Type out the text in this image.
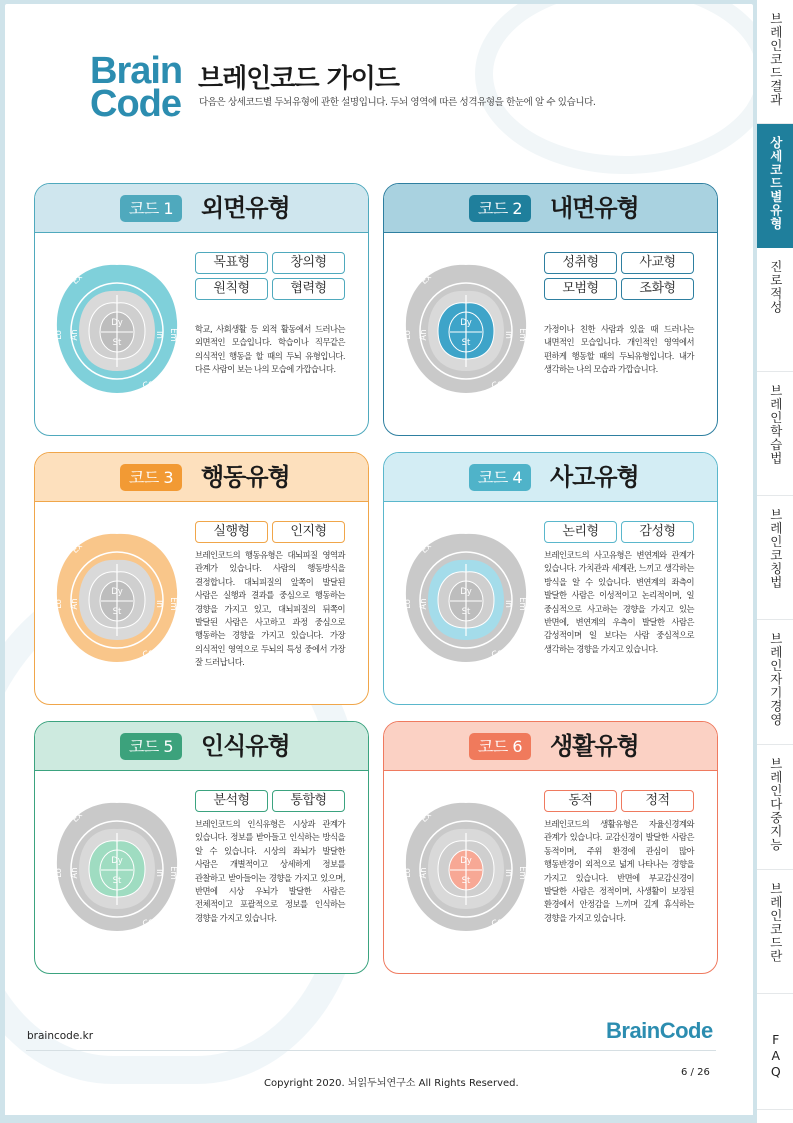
Brain
Code
브레인코드 가이드
다음은 상세코드별 두뇌유형에 관한 설명입니다. 두뇌 영역에 따른 성격유형을 한눈에 알 수 있습니다.
코드 1	외면유형
Ex
Co
Lo An
Dy
St
In Em
목표형	창의형
원칙형	협력형
학교, 사회생활 등 외적 활동에서 드러나는 외면적인 모습입니다. 학습이나 직무같은 의식적인 행동을 할 때의 두뇌 유형입니다. 다른 사람이 보는 나의 모습에 가깝습니다.
코드 2	내면유형
Ex
Co
Lo An
Dy
St
In Em
성취형	사교형
모범형	조화형
가정이나 친한 사람과 있을 때 드러나는 내면적인 모습입니다. 개인적인 영역에서 편하게 행동할 때의 두뇌유형입니다. 내가 생각하는 나의 모습과 가깝습니다.
코드 3	행동유형
Ex
Co
Lo An
Dy
St
In Em
실행형	인지형
브레인코드의 행동유형은 대뇌피질 영역과 관계가 있습니다. 사람의 행동방식을 결정합니다. 대뇌피질의 앞쪽이 발달된 사람은 실행과 결과를 중심으로 행동하는 경향을 가지고 있고, 대뇌피질의 뒤쪽이 발달된 사람은 사고하고 과정 중심으로 행동하는 경향을 가지고 있습니다. 가장 의식적인 영역으로 두뇌의 특성 중에서 가장 잘 드러납니다.
코드 4	사고유형
Ex
Co
Lo An
Dy
St
In Em
논리형	감성형
브레인코드의 사고유형은 변연계와 관계가 있습니다. 가치관과 세계관, 느끼고 생각하는 방식을 알 수 있습니다. 변연계의 좌측이 발달한 사람은 이성적이고 논리적이며, 일 중심적으로 사고하는 경향을 가지고 있는 반면에, 변연계의 우측이 발달한 사람은 감성적이며 일 보다는 사람 중심적으로 생각하는 경향을 가지고 있습니다.
코드 5	인식유형
Ex
Co
Lo An
Dy
St
In Em
분석형	통합형
브레인코드의 인식유형은 시상과 관계가 있습니다. 정보를 받아들고 인식하는 방식을 알 수 있습니다. 시상의 좌뇌가 발달한 사람은 개별적이고 상세하게 정보를 관찰하고 받아들이는 경향을 가지고 있으며, 반면에 시상 우뇌가 발달한 사람은 전체적이고 포괄적으로 정보를 인식하는 경향을 가지고 있습니다.
코드 6	생활유형
Ex
Co
Lo An
Dy
St
In Em
동적	정적
브레인코드의 생활유형은 자율신경계와 관계가 있습니다. 교감신경이 발달한 사람은 동적이며, 주위 환경에 관심이 많아 행동반경이 외적으로 넓게 나타나는 경향을 가지고 있습니다. 반면에 부교감신경이 발달한 사람은 정적이며, 사생활이 보장된 환경에서 안정감을 느끼며 깊게 휴식하는 경향을 가지고 있습니다.
braincode.kr	BrainCode
Copyright 2020. 뇌읽두뇌연구소 All Rights Reserved.
6 / 26
브레인코드결과
상세코드별유형
진로적성
브레인학습법
브레인코칭법
브레인자기경영
브레인다중지능
브레인코드란
FAQ
